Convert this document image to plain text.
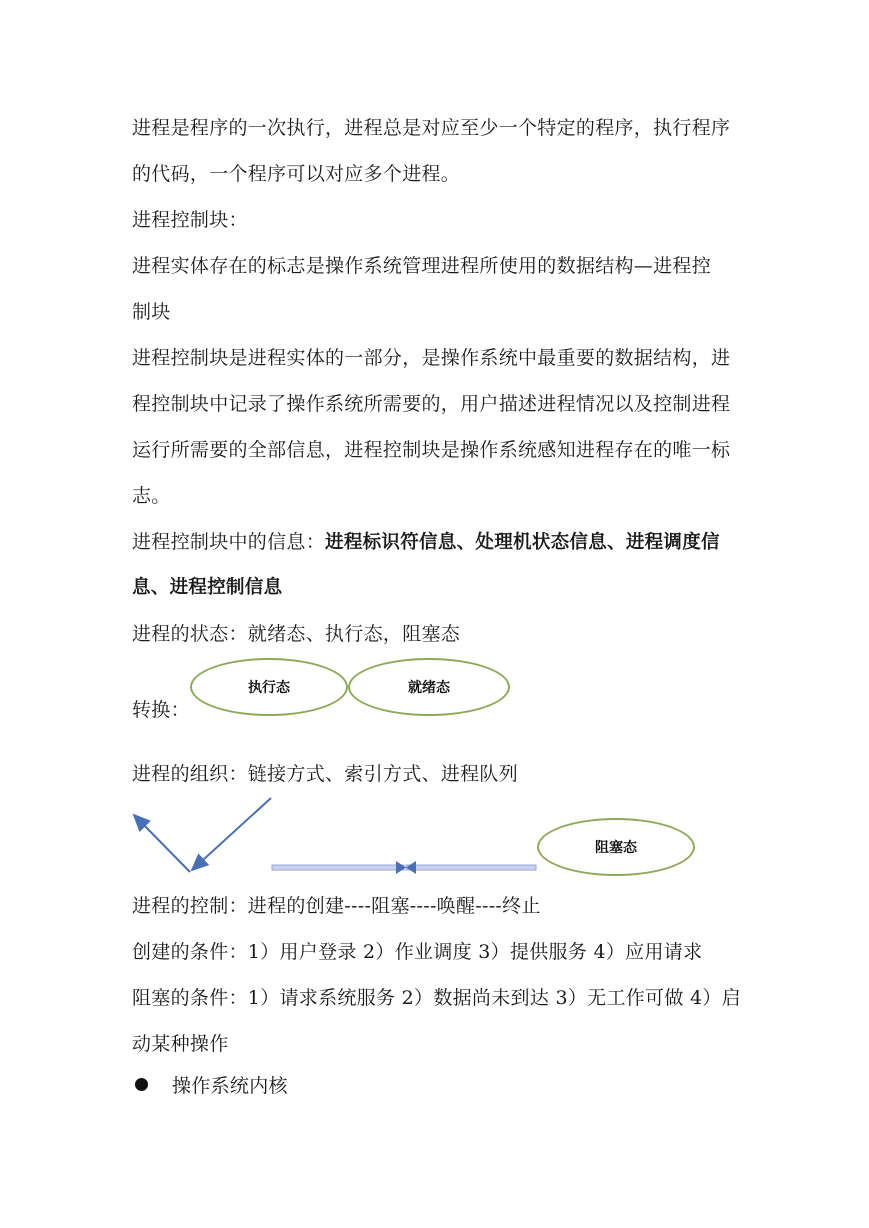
进程是程序的一次执行，进程总是对应至少一个特定的程序，执行程序
的代码，一个程序可以对应多个进程。
进程控制块：
进程实体存在的标志是操作系统管理进程所使用的数据结构—进程控
制块
进程控制块是进程实体的一部分，是操作系统中最重要的数据结构，进
程控制块中记录了操作系统所需要的，用户描述进程情况以及控制进程
运行所需要的全部信息，进程控制块是操作系统感知进程存在的唯一标
志。
进程控制块中的信息：进程标识符信息、处理机状态信息、进程调度信
息、进程控制信息
进程的状态：就绪态、执行态，阻塞态
转换：
执行态	就绪态
进程的组织：链接方式、索引方式、进程队列
阻塞态
进程的控制：进程的创建----阻塞----唤醒----终止
创建的条件：1）用户登录 2）作业调度 3）提供服务 4）应用请求
阻塞的条件：1）请求系统服务 2）数据尚未到达 3）无工作可做 4）启
动某种操作
操作系统内核
